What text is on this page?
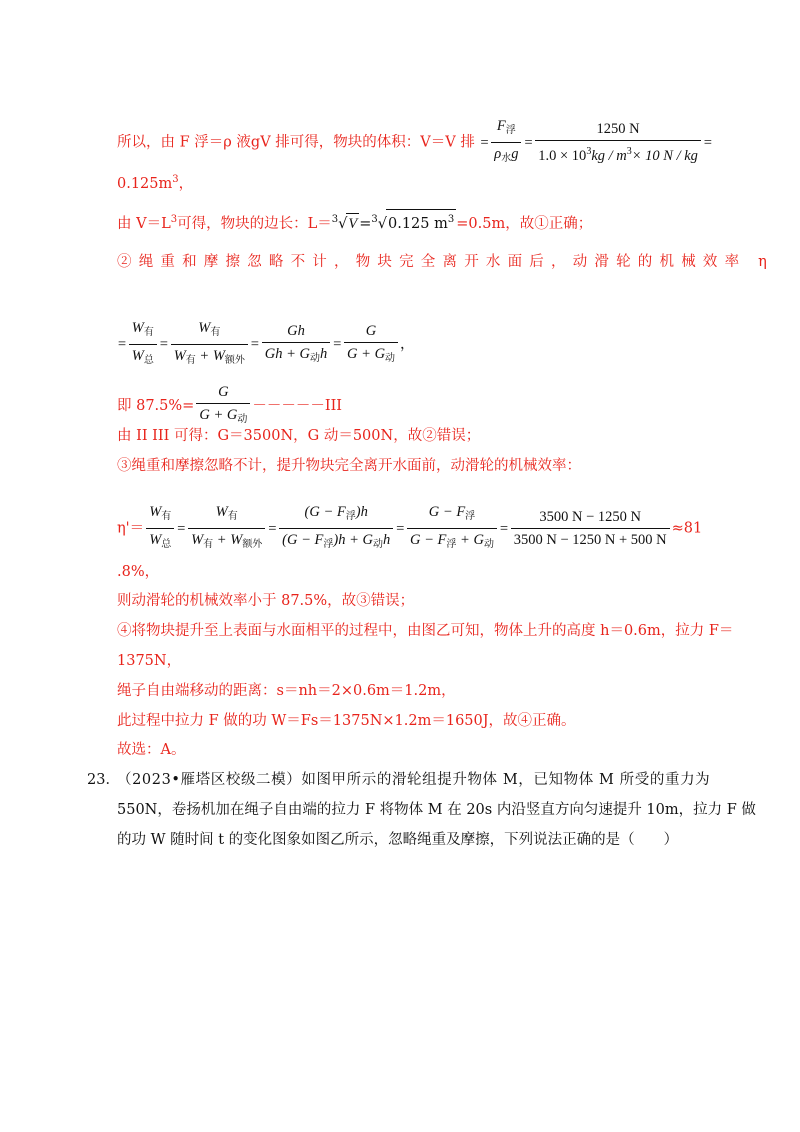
所以，由 F 浮＝ρ 液gV 排可得，物块的体积：V＝V 排 = $\frac{F_浮}{\rho_水g} = \frac{1250 N}{1.0 \times 10^3kg / m^3\times 10 N / kg}$ =
$0.125m^3$，
由 $V=L^3$可得，物块的边长：L＝$^3$√V =$^3$√0.125 $m^3 =0.5m$，故①正确；
②绳重和摩擦忽略不计，物块完全离开水面后，动滑轮的机械效率 η
= $\frac{W_有}{W_总} = \frac{W_有}{W_有 + W_{额外}} = \frac{Gh}{Gh + G_动h} = \frac{G}{G + G_动}$ ，
即 $87.5\%= \frac{G}{G + G_动} -----III$
由 II III 可得：G＝3500N，G 动＝500N，故②错误；
③绳重和摩擦忽略不计，提升物块完全离开水面前，动滑轮的机械效率：
$\eta'= \frac{W_有}{W_总} = \frac{W_有}{W_有 + W_{额外}} = \frac{(G - F_浮)h}{(G - F_浮)h + G_动h} = \frac{G - F_浮}{G - F_浮 + G_动} = \frac{3500 N - 1250 N}{3500 N - 1250 N + 500 N} \approx 81$
.8%，
则动滑轮的机械效率小于 87.5%，故③错误；
④将物块提升至上表面与水面相平的过程中，由图乙可知，物体上升的高度 h＝0.6m，拉力 F＝
1375N，
绳子自由端移动的距离：s＝nh＝2×0.6m＝1.2m，
此过程中拉力 F 做的功 W＝Fs＝1375N×1.2m＝1650J，故④正确。
故选：A。
23．
（2023•雁塔区校级二模）如图甲所示的滑轮组提升物体 M，已知物体 M 所受的重力为
550N，卷扬机加在绳子自由端的拉力 F 将物体 M 在 20s 内沿竖直方向匀速提升 10m，拉力 F 做
的功 W 随时间 t 的变化图象如图乙所示，忽略绳重及摩擦，下列说法正确的是（　　）
